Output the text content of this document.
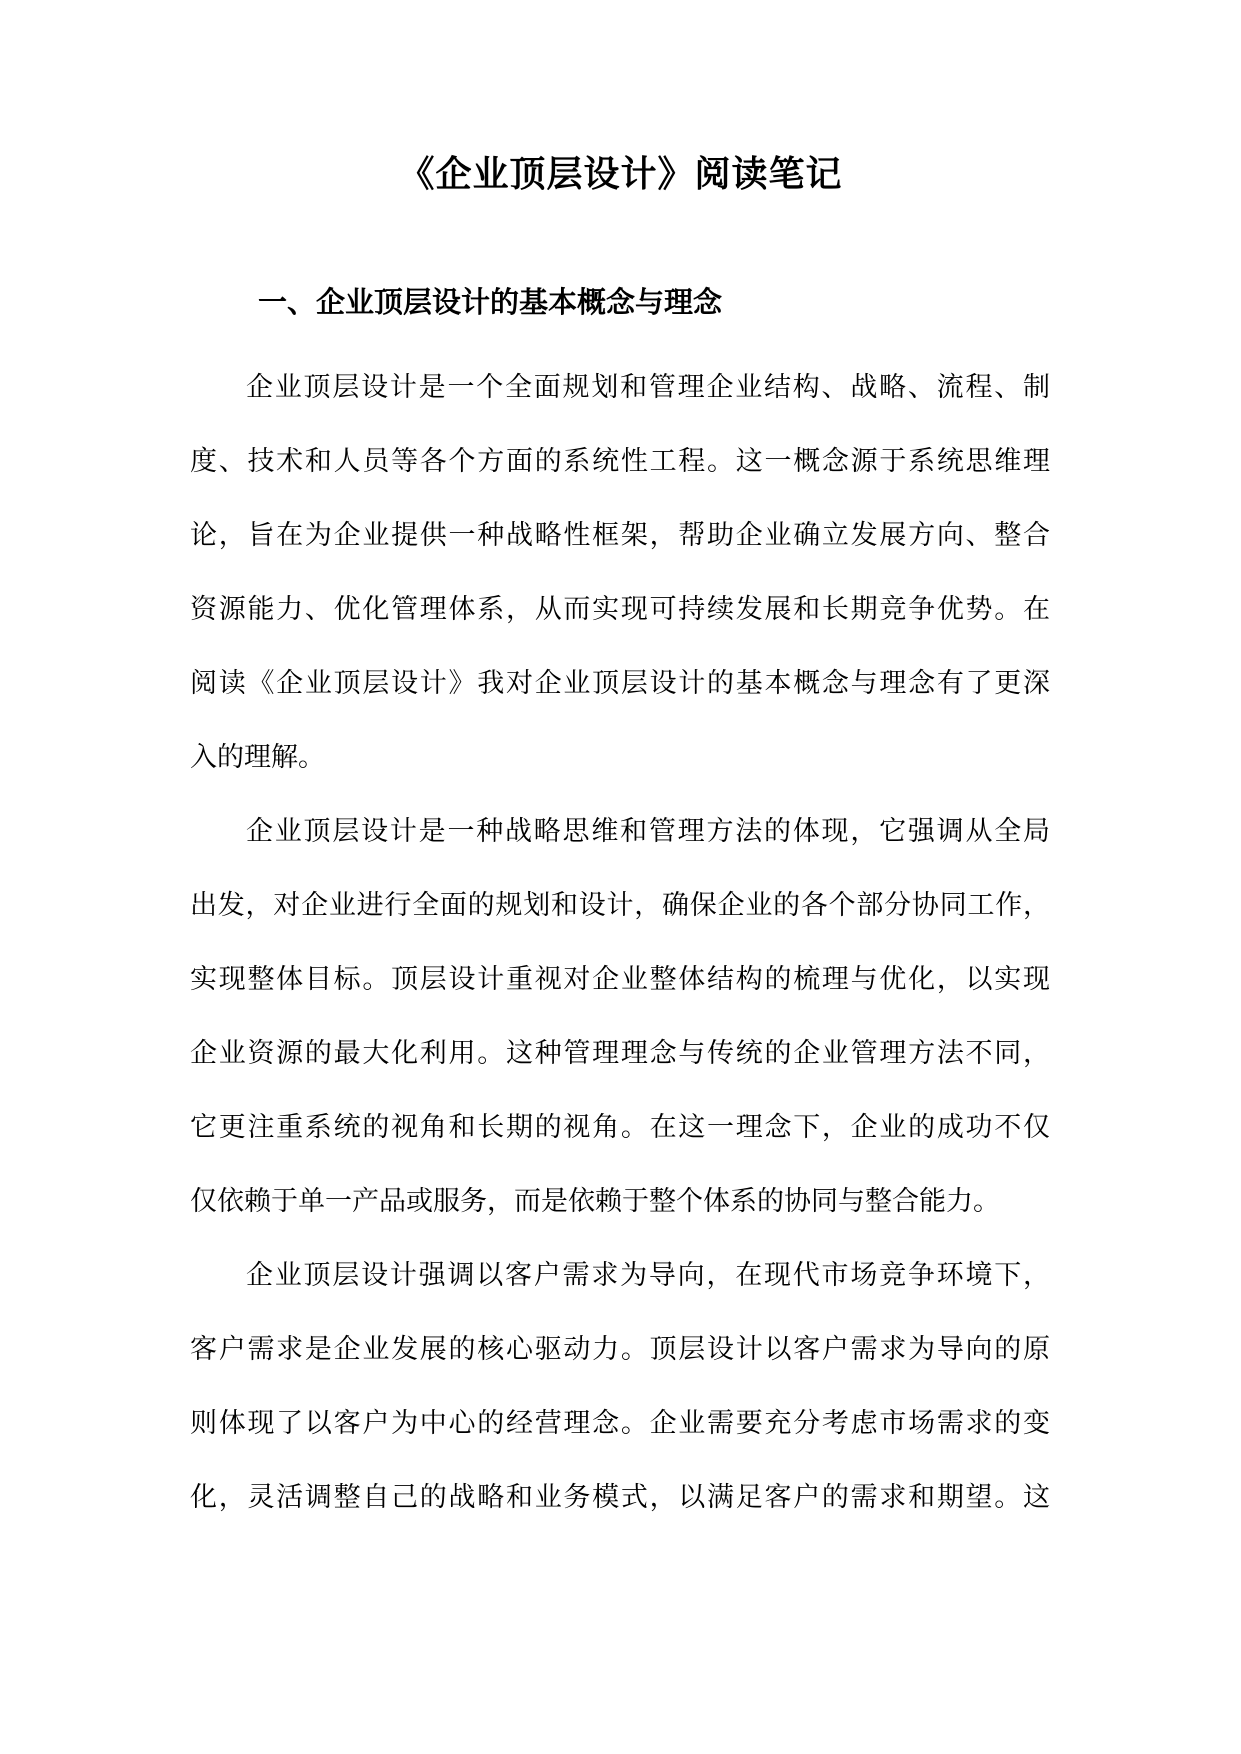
《企业顶层设计》阅读笔记
一、企业顶层设计的基本概念与理念
企业顶层设计是一个全面规划和管理企业结构、战略、流程、制
度、技术和人员等各个方面的系统性工程。这一概念源于系统思维理
论，旨在为企业提供一种战略性框架，帮助企业确立发展方向、整合
资源能力、优化管理体系，从而实现可持续发展和长期竞争优势。在
阅读《企业顶层设计》我对企业顶层设计的基本概念与理念有了更深
入的理解。
企业顶层设计是一种战略思维和管理方法的体现，它强调从全局
出发，对企业进行全面的规划和设计，确保企业的各个部分协同工作，
实现整体目标。顶层设计重视对企业整体结构的梳理与优化，以实现
企业资源的最大化利用。这种管理理念与传统的企业管理方法不同，
它更注重系统的视角和长期的视角。在这一理念下，企业的成功不仅
仅依赖于单一产品或服务，而是依赖于整个体系的协同与整合能力。
企业顶层设计强调以客户需求为导向，在现代市场竞争环境下，
客户需求是企业发展的核心驱动力。顶层设计以客户需求为导向的原
则体现了以客户为中心的经营理念。企业需要充分考虑市场需求的变
化，灵活调整自己的战略和业务模式，以满足客户的需求和期望。这
